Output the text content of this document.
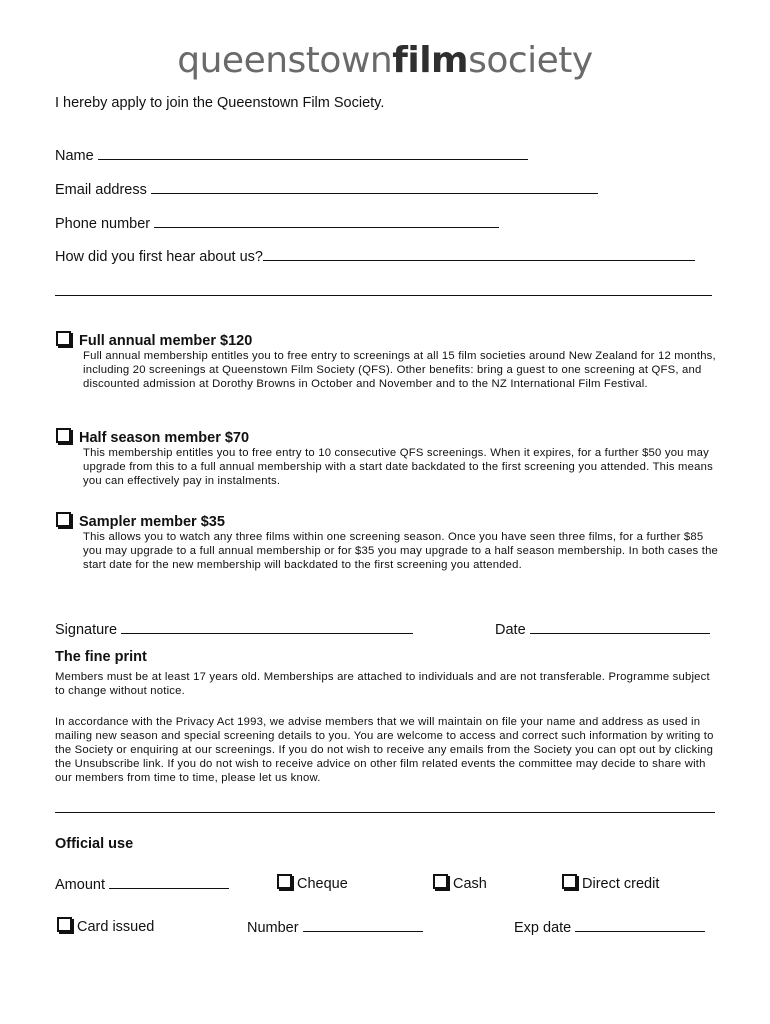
queenstownfilmsociety
I hereby apply to join the Queenstown Film Society.
Name
Email address
Phone number
How did you first hear about us?
Full annual member $120
Full annual membership entitles you to free entry to screenings at all 15 film societies around New Zealand for 12 months, including 20 screenings at Queenstown Film Society (QFS). Other benefits: bring a guest to one screening at QFS, and discounted admission at Dorothy Browns in October and November and to the NZ International Film Festival.
Half season member $70
This membership entitles you to free entry to 10 consecutive QFS screenings. When it expires, for a further $50 you may upgrade from this to a full annual membership with a start date backdated to the first screening you attended. This means you can effectively pay in instalments.
Sampler member $35
This allows you to watch any three films within one screening season. Once you have seen three films, for a further $85 you may upgrade to a full annual membership or for $35 you may upgrade to a half season membership. In both cases the start date for the new membership will backdated to the first screening you attended.
Signature	Date
The fine print
Members must be at least 17 years old. Memberships are attached to individuals and are not transferable. Programme subject to change without notice.
In accordance with the Privacy Act 1993, we advise members that we will maintain on file your name and address as used in mailing new season and special screening details to you. You are welcome to access and correct such information by writing to the Society or enquiring at our screenings. If you do not wish to receive any emails from the Society you can opt out by clicking the Unsubscribe link. If you do not wish to receive advice on other film related events the committee may decide to share with our members from time to time, please let us know.
Official use
Amount	Cheque	Cash	Direct credit
Card issued	Number	Exp date
